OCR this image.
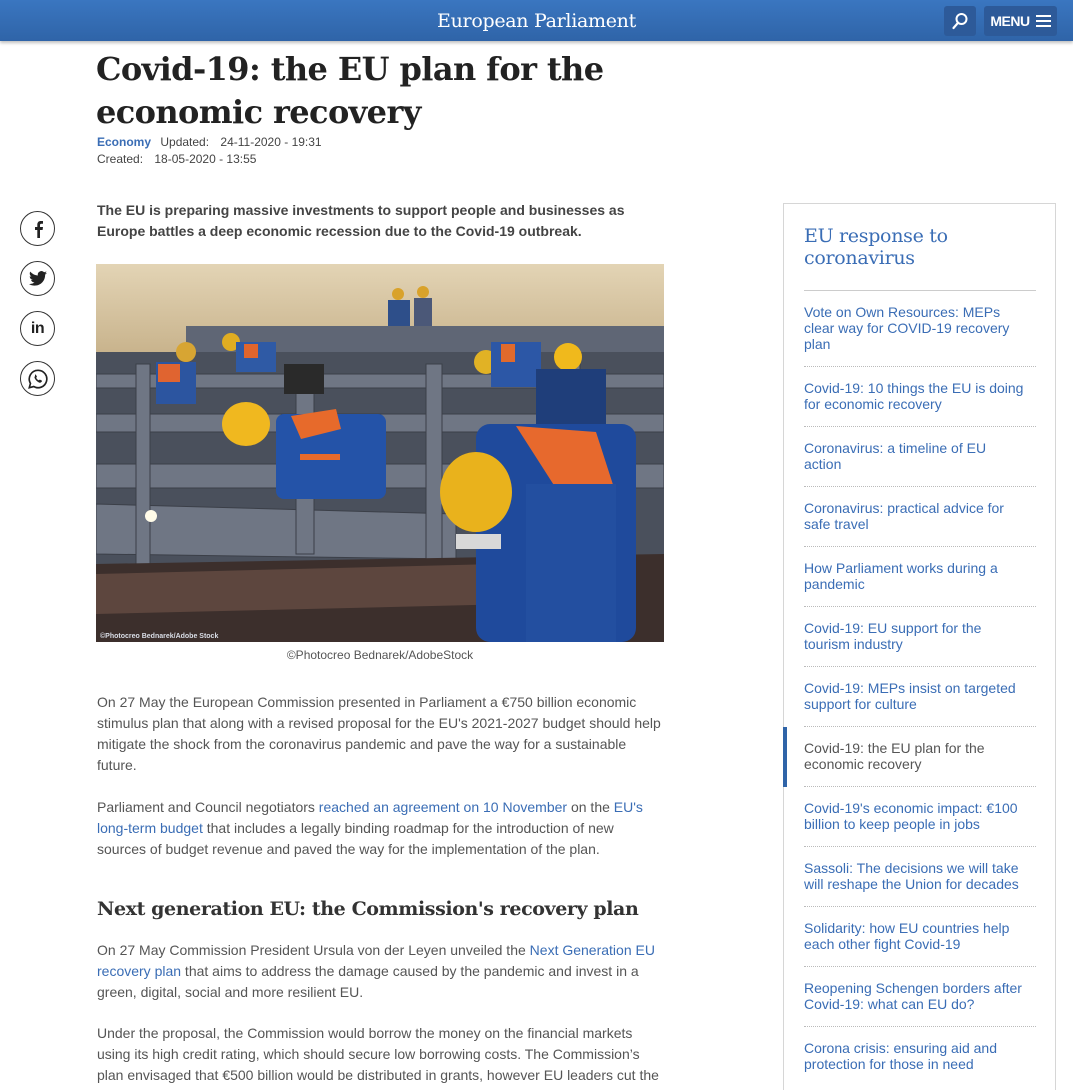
European Parliament	MENU
Covid-19: the EU plan for the economic recovery
Economy Updated: 24-11-2020 - 19:31
Created: 18-05-2020 - 13:55
in

The EU is preparing massive investments to support people and businesses as Europe battles a deep economic recession due to the Covid-19 outbreak.

©Photocreo Bednarek/Adobe Stock
©Photocreo Bednarek/AdobeStock

On 27 May the European Commission presented in Parliament a €750 billion economic stimulus plan that along with a revised proposal for the EU's 2021-2027 budget should help mitigate the shock from the coronavirus pandemic and pave the way for a sustainable future.

Parliament and Council negotiators reached an agreement on 10 November on the EU's long-term budget that includes a legally binding roadmap for the introduction of new sources of budget revenue and paved the way for the implementation of the plan.

Next generation EU: the Commission's recovery plan

On 27 May Commission President Ursula von der Leyen unveiled the Next Generation EU recovery plan that aims to address the damage caused by the pandemic and invest in a green, digital, social and more resilient EU.

Under the proposal, the Commission would borrow the money on the financial markets using its high credit rating, which should secure low borrowing costs. The Commission’s plan envisaged that €500 billion would be distributed in grants, however EU leaders cut the

EU response to coronavirus
Vote on Own Resources: MEPs clear way for COVID-19 recovery plan
Covid-19: 10 things the EU is doing for economic recovery
Coronavirus: a timeline of EU action
Coronavirus: practical advice for safe travel
How Parliament works during a pandemic
Covid-19: EU support for the tourism industry
Covid-19: MEPs insist on targeted support for culture
Covid-19: the EU plan for the economic recovery
Covid-19's economic impact: €100 billion to keep people in jobs
Sassoli: The decisions we will take will reshape the Union for decades
Solidarity: how EU countries help each other fight Covid-19
Reopening Schengen borders after Covid-19: what can EU do?
Corona crisis: ensuring aid and protection for those in need
